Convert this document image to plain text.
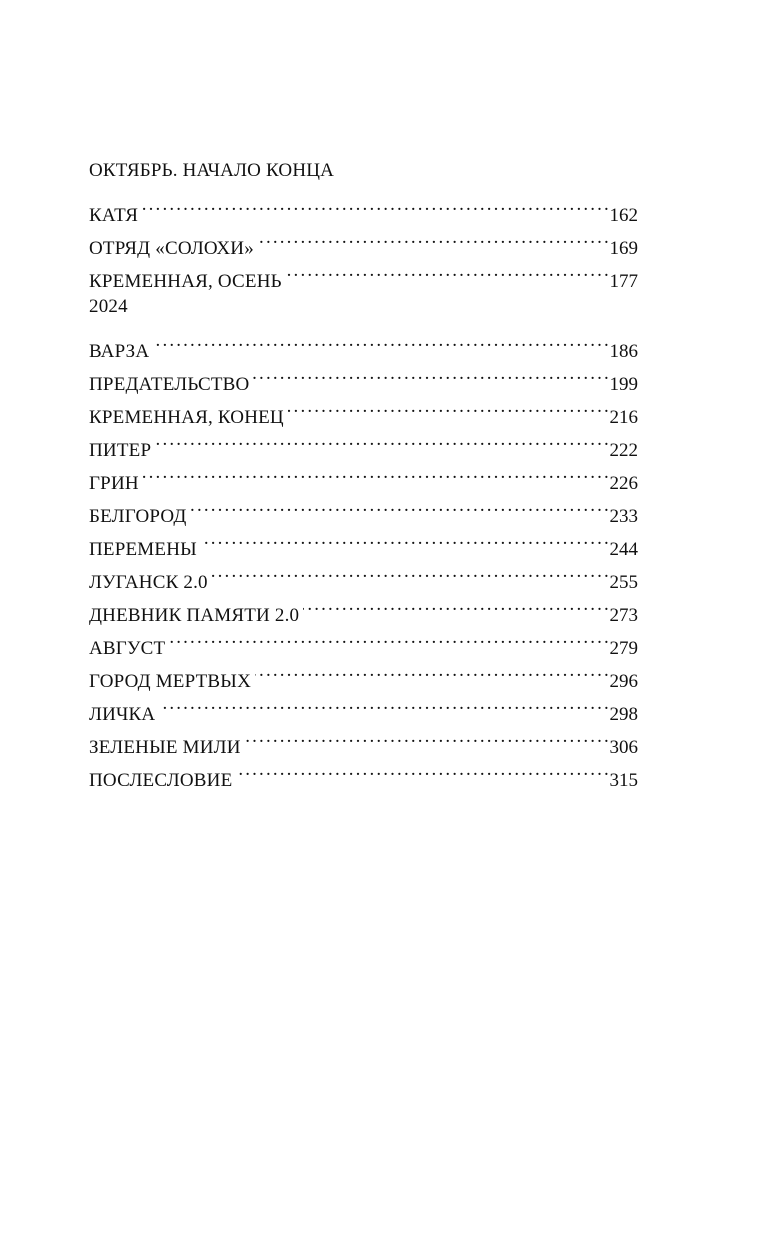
ОКТЯБРЬ. НАЧАЛО КОНЦА
КАТЯ . . .	162
ОТРЯД «СОЛОХИ» . . .	169
КРЕМЕННАЯ, ОСЕНЬ . . .	177
2024
ВАРЗА . . .	186
ПРЕДАТЕЛЬСТВО . . .	199
КРЕМЕННАЯ, КОНЕЦ . . .	216
ПИТЕР . . .	222
ГРИН . . .	226
БЕЛГОРОД . . .	233
ПЕРЕМЕНЫ . . .	244
ЛУГАНСК 2.0 . . .	255
ДНЕВНИК ПАМЯТИ 2.0 . . .	273
АВГУСТ . . .	279
ГОРОД МЕРТВЫХ . . .	296
ЛИЧКА . . .	298
ЗЕЛЕНЫЕ МИЛИ . . .	306
ПОСЛЕСЛОВИЕ . . .	315
